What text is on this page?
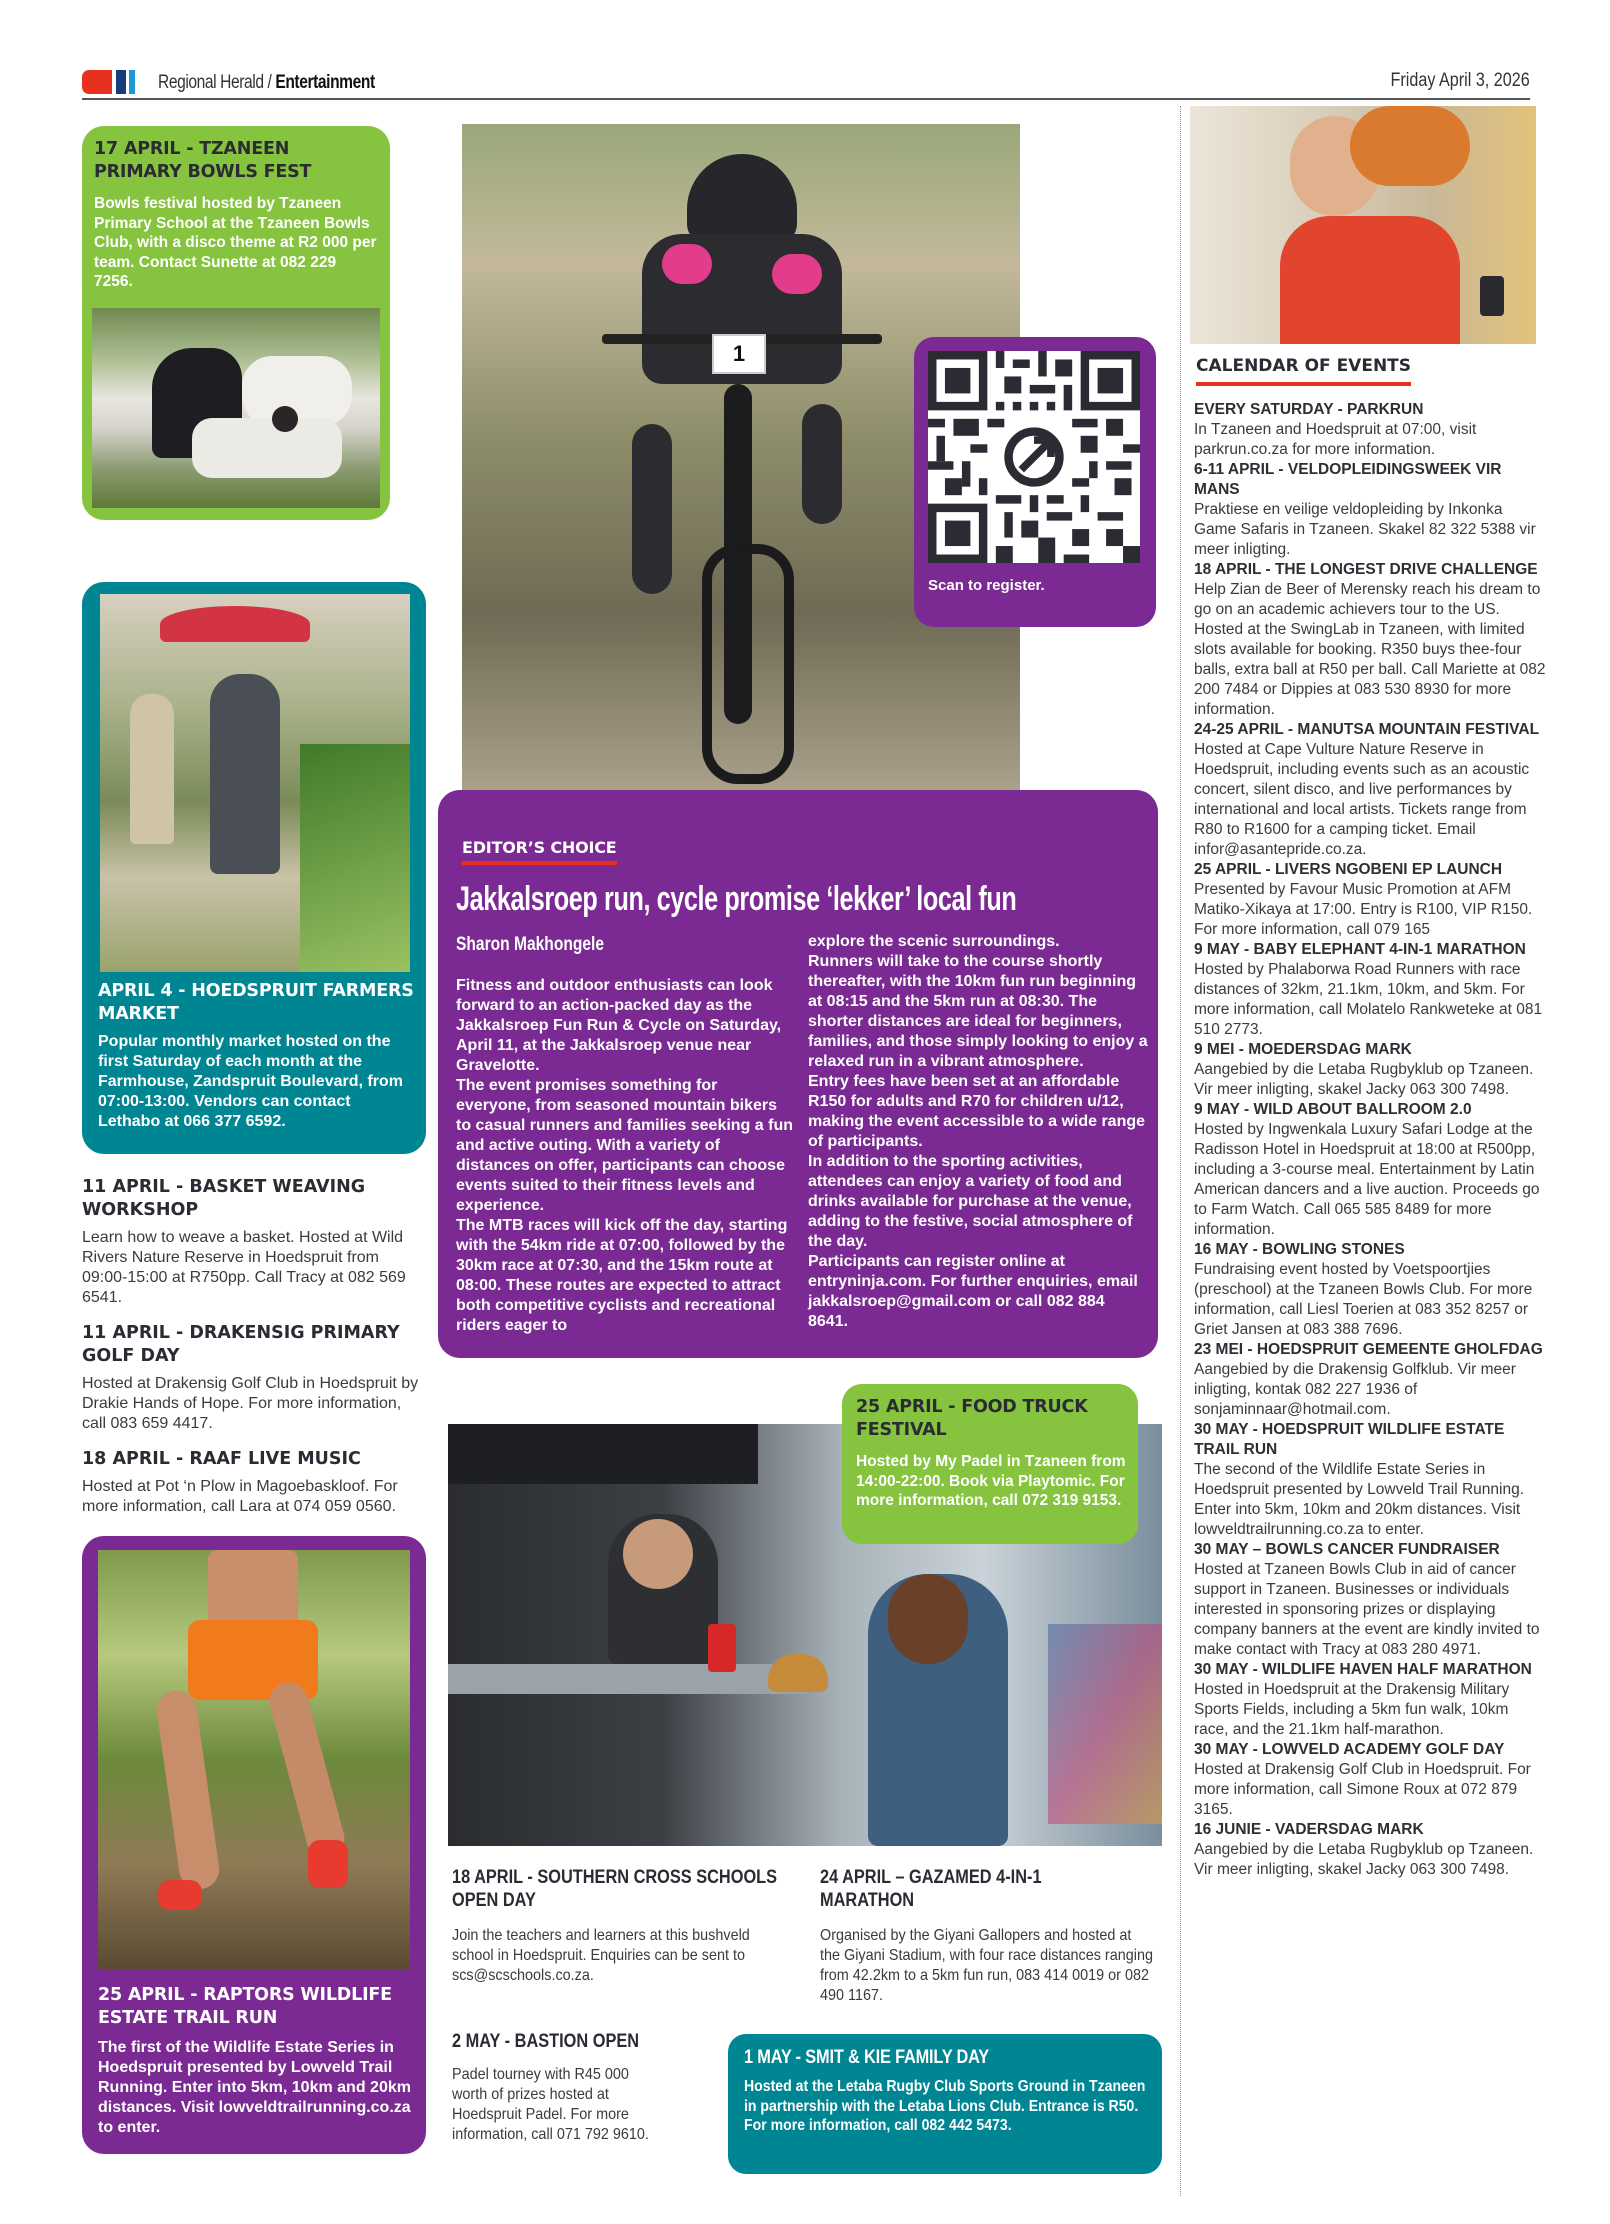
Regional Herald / Entertainment	Friday April 3, 2026
17 APRIL - TZANEEN PRIMARY BOWLS FEST

Bowls festival hosted by Tzaneen Primary School at the Tzaneen Bowls Club, with a disco theme at R2 000 per team. Contact Sunette at 082 229 7256.

APRIL 4 - HOEDSPRUIT FARMERS MARKET

Popular monthly market hosted on the first Saturday of each month at the Farmhouse, Zandspruit Boulevard, from 07:00-13:00. Vendors can contact Lethabo at 066 377 6592.

11 APRIL - BASKET WEAVING WORKSHOP

Learn how to weave a basket. Hosted at Wild Rivers Nature Reserve in Hoedspruit from 09:00-15:00 at R750pp. Call Tracy at 082 569 6541.

11 APRIL - DRAKENSIG PRIMARY GOLF DAY

Hosted at Drakensig Golf Club in Hoedspruit by Drakie Hands of Hope. For more information, call 083 659 4417.

18 APRIL - RAAF LIVE MUSIC

Hosted at Pot ‘n Plow in Magoebaskloof. For more information, call Lara at 074 059 0560.

25 APRIL - RAPTORS WILDLIFE ESTATE TRAIL RUN

The first of the Wildlife Estate Series in Hoedspruit presented by Lowveld Trail Running. Enter into 5km, 10km and 20km distances. Visit lowveldtrailrunning.co.za to enter.

1
Scan to register.
EDITOR’S CHOICE
Jakkalsroep run, cycle promise ‘lekker’ local fun
Sharon Makhongele

Fitness and outdoor enthusiasts can look forward to an action-packed day as the Jakkalsroep Fun Run & Cycle on Saturday, April 11, at the Jakkalsroep venue near Gravelotte.

The event promises something for everyone, from seasoned mountain bikers to casual runners and families seeking a fun and active outing. With a variety of distances on offer, participants can choose events suited to their fitness levels and experience.

The MTB races will kick off the day, starting with the 54km ride at 07:00, followed by the 30km race at 07:30, and the 15km route at 08:00. These routes are expected to attract both competitive cyclists and recreational riders eager to

explore the scenic surroundings.

Runners will take to the course shortly thereafter, with the 10km fun run beginning at 08:15 and the 5km run at 08:30. The shorter distances are ideal for beginners, families, and those simply looking to enjoy a relaxed run in a vibrant atmosphere.

Entry fees have been set at an affordable R150 for adults and R70 for children u/12, making the event accessible to a wide range of participants.

In addition to the sporting activities, attendees can enjoy a variety of food and drinks available for purchase at the venue, adding to the festive, social atmosphere of the day.

Participants can register online at entryninja.com. For further enquiries, email jakkalsroep@gmail.com or call 082 884 8641.

25 APRIL - FOOD TRUCK FESTIVAL

Hosted by My Padel in Tzaneen from 14:00-22:00. Book via Playtomic. For more information, call 072 319 9153.

18 APRIL - SOUTHERN CROSS SCHOOLS OPEN DAY

Join the teachers and learners at this bushveld school in Hoedspruit. Enquiries can be sent to scs@scschools.co.za.

24 APRIL – GAZAMED 4-IN-1 MARATHON

Organised by the Giyani Gallopers and hosted at the Giyani Stadium, with four race distances ranging from 42.2km to a 5km fun run, 083 414 0019 or 082 490 1167.

2 MAY - BASTION OPEN

Padel tourney with R45 000 worth of prizes hosted at Hoedspruit Padel. For more information, call 071 792 9610.

1 MAY - SMIT & KIE FAMILY DAY

Hosted at the Letaba Rugby Club Sports Ground in Tzaneen in partnership with the Letaba Lions Club. Entrance is R50. For more information, call 082 442 5473.

CALENDAR OF EVENTS
EVERY SATURDAY - PARKRUN

In Tzaneen and Hoedspruit at 07:00, visit parkrun.co.za for more information.

6-11 APRIL - VELDOPLEIDINGSWEEK VIR MANS

Praktiese en veilige veldopleiding by Inkonka Game Safaris in Tzaneen. Skakel 82 322 5388 vir meer inligting.

18 APRIL - THE LONGEST DRIVE CHALLENGE

Help Zian de Beer of Merensky reach his dream to go on an academic achievers tour to the US. Hosted at the SwingLab in Tzaneen, with limited slots available for booking. R350 buys thee-four balls, extra ball at R50 per ball. Call Mariette at 082 200 7484 or Dippies at 083 530 8930 for more information.

24-25 APRIL - MANUTSA MOUNTAIN FESTIVAL

Hosted at Cape Vulture Nature Reserve in Hoedspruit, including events such as an acoustic concert, silent disco, and live performances by international and local artists. Tickets range from R80 to R1600 for a camping ticket. Email infor@asantepride.co.za.

25 APRIL - LIVERS NGOBENI EP LAUNCH

Presented by Favour Music Promotion at AFM Matiko-Xikaya at 17:00. Entry is R100, VIP R150. For more information, call 079 165

9 MAY - BABY ELEPHANT 4-IN-1 MARATHON

Hosted by Phalaborwa Road Runners with race distances of 32km, 21.1km, 10km, and 5km. For more information, call Molatelo Rankweteke at 081 510 2773.

9 MEI - MOEDERSDAG MARK

Aangebied by die Letaba Rugbyklub op Tzaneen. Vir meer inligting, skakel Jacky 063 300 7498.

9 MAY - WILD ABOUT BALLROOM 2.0

Hosted by Ingwenkala Luxury Safari Lodge at the Radisson Hotel in Hoedspruit at 18:00 at R500pp, including a 3-course meal. Entertainment by Latin American dancers and a live auction. Proceeds go to Farm Watch. Call 065 585 8489 for more information.

16 MAY - BOWLING STONES

Fundraising event hosted by Voetspoortjies (preschool) at the Tzaneen Bowls Club. For more information, call Liesl Toerien at 083 352 8257 or Griet Jansen at 083 388 7696.

23 MEI - HOEDSPRUIT GEMEENTE GHOLFDAG

Aangebied by die Drakensig Golfklub. Vir meer inligting, kontak 082 227 1936 of sonjaminnaar@hotmail.com.

30 MAY - HOEDSPRUIT WILDLIFE ESTATE TRAIL RUN

The second of the Wildlife Estate Series in Hoedspruit presented by Lowveld Trail Running. Enter into 5km, 10km and 20km distances. Visit lowveldtrailrunning.co.za to enter.

30 MAY – BOWLS CANCER FUNDRAISER

Hosted at Tzaneen Bowls Club in aid of cancer support in Tzaneen. Businesses or individuals interested in sponsoring prizes or displaying company banners at the event are kindly invited to make contact with Tracy at 083 280 4971.

30 MAY - WILDLIFE HAVEN HALF MARATHON

Hosted in Hoedspruit at the Drakensig Military Sports Fields, including a 5km fun walk, 10km race, and the 21.1km half-marathon.

30 MAY - LOWVELD ACADEMY GOLF DAY

Hosted at Drakensig Golf Club in Hoedspruit. For more information, call Simone Roux at 072 879 3165.

16 JUNIE - VADERSDAG MARK

Aangebied by die Letaba Rugbyklub op Tzaneen. Vir meer inligting, skakel Jacky 063 300 7498.
